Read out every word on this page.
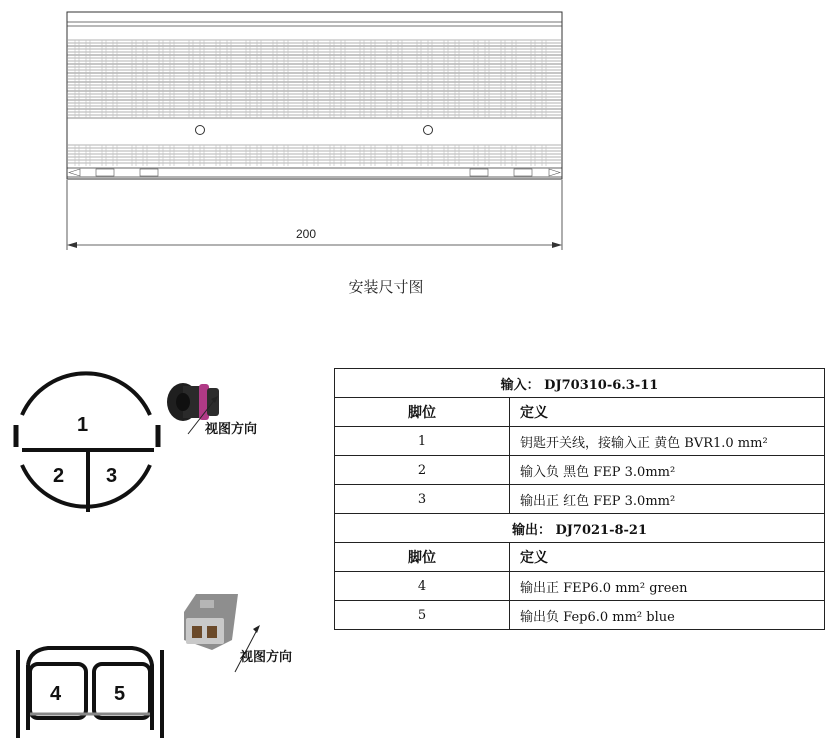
安装尺寸图
200
1
2 3
4	5
视图方向
视图方向
输入： DJ70310-6.3-11	
脚位	定义
1	钥匙开关线，接输入正 黄色 BVR1.0 mm²
2	输入负 黑色 FEP 3.0mm²
3	输出正 红色 FEP 3.0mm²
输出： DJ7021-8-21	
脚位	定义
4	输出正 FEP6.0 mm² green
5	输出负 Fep6.0 mm² blue
